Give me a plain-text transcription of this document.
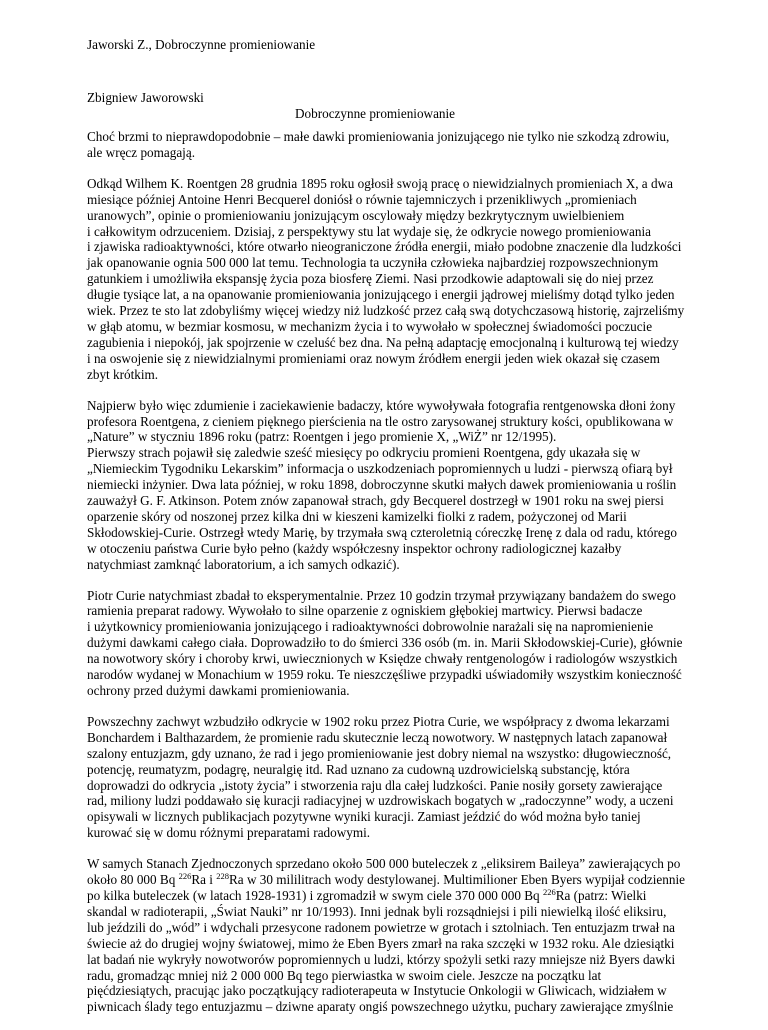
Jaworski Z., Dobroczynne promieniowanie
Zbigniew Jaworowski
Dobroczynne promieniowanie

Choć brzmi to nieprawdopodobnie – małe dawki promieniowania jonizującego nie tylko nie szkodzą zdrowiu,
ale wręcz pomagają.

Odkąd Wilhem K. Roentgen 28 grudnia 1895 roku ogłosił swoją pracę o niewidzialnych promieniach X, a dwa
miesiące później Antoine Henri Becquerel doniósł o równie tajemniczych i przenikliwych „promieniach
uranowych”, opinie o promieniowaniu jonizującym oscylowały między bezkrytycznym uwielbieniem
i całkowitym odrzuceniem. Dzisiaj, z perspektywy stu lat wydaje się, że odkrycie nowego promieniowania
i zjawiska radioaktywności, które otwarło nieograniczone źródła energii, miało podobne znaczenie dla ludzkości
jak opanowanie ognia 500 000 lat temu. Technologia ta uczyniła człowieka najbardziej rozpowszechnionym
gatunkiem i umożliwiła ekspansję życia poza biosferę Ziemi. Nasi przodkowie adaptowali się do niej przez
długie tysiące lat, a na opanowanie promieniowania jonizującego i energii jądrowej mieliśmy dotąd tylko jeden
wiek. Przez te sto lat zdobyliśmy więcej wiedzy niż ludzkość przez całą swą dotychczasową historię, zajrzeliśmy
w głąb atomu, w bezmiar kosmosu, w mechanizm życia i to wywołało w społecznej świadomości poczucie
zagubienia i niepokój, jak spojrzenie w czeluść bez dna. Na pełną adaptację emocjonalną i kulturową tej wiedzy
i na oswojenie się z niewidzialnymi promieniami oraz nowym źródłem energii jeden wiek okazał się czasem
zbyt krótkim.

Najpierw było więc zdumienie i zaciekawienie badaczy, które wywoływała fotografia rentgenowska dłoni żony
profesora Roentgena, z cieniem pięknego pierścienia na tle ostro zarysowanej struktury kości, opublikowana w
„Nature” w styczniu 1896 roku (patrz: Roentgen i jego promienie X, „WiŻ” nr 12/1995).
Pierwszy strach pojawił się zaledwie sześć miesięcy po odkryciu promieni Roentgena, gdy ukazała się w
„Niemieckim Tygodniku Lekarskim” informacja o uszkodzeniach popromiennych u ludzi - pierwszą ofiarą był
niemiecki inżynier. Dwa lata później, w roku 1898, dobroczynne skutki małych dawek promieniowania u roślin
zauważył G. F. Atkinson. Potem znów zapanował strach, gdy Becquerel dostrzegł w 1901 roku na swej piersi
oparzenie skóry od noszonej przez kilka dni w kieszeni kamizelki fiolki z radem, pożyczonej od Marii
Skłodowskiej-Curie. Ostrzegł wtedy Marię, by trzymała swą czteroletnią córeczkę Irenę z dala od radu, którego
w otoczeniu państwa Curie było pełno (każdy współczesny inspektor ochrony radiologicznej kazałby
natychmiast zamknąć laboratorium, a ich samych odkazić).

Piotr Curie natychmiast zbadał to eksperymentalnie. Przez 10 godzin trzymał przywiązany bandażem do swego
ramienia preparat radowy. Wywołało to silne oparzenie z ogniskiem głębokiej martwicy. Pierwsi badacze
i użytkownicy promieniowania jonizującego i radioaktywności dobrowolnie narażali się na napromienienie
dużymi dawkami całego ciała. Doprowadziło to do śmierci 336 osób (m. in. Marii Skłodowskiej-Curie), głównie
na nowotwory skóry i choroby krwi, uwiecznionych w Księdze chwały rentgenologów i radiologów wszystkich
narodów wydanej w Monachium w 1959 roku. Te nieszczęśliwe przypadki uświadomiły wszystkim konieczność
ochrony przed dużymi dawkami promieniowania.

Powszechny zachwyt wzbudziło odkrycie w 1902 roku przez Piotra Curie, we współpracy z dwoma lekarzami
Bonchardem i Balthazardem, że promienie radu skutecznie leczą nowotwory. W następnych latach zapanował
szalony entuzjazm, gdy uznano, że rad i jego promieniowanie jest dobry niemal na wszystko: długowieczność,
potencję, reumatyzm, podagrę, neuralgię itd. Rad uznano za cudowną uzdrowicielską substancję, która
doprowadzi do odkrycia „istoty życia” i stworzenia raju dla całej ludzkości. Panie nosiły gorsety zawierające
rad, miliony ludzi poddawało się kuracji radiacyjnej w uzdrowiskach bogatych w „radoczynne” wody, a uczeni
opisywali w licznych publikacjach pozytywne wyniki kuracji. Zamiast jeździć do wód można było taniej
kurować się w domu różnymi preparatami radowymi.

W samych Stanach Zjednoczonych sprzedano około 500 000 buteleczek z „eliksirem Baileya” zawierających po
około 80 000 Bq $^{226}$Ra i $^{228}$Ra w 30 mililitrach wody destylowanej. Multimilioner Eben Byers wypijał codziennie
po kilka buteleczek (w latach 1928-1931) i zgromadził w swym ciele 370 000 000 Bq $^{226}$Ra (patrz: Wielki
skandal w radioterapii, „Świat Nauki” nr 10/1993). Inni jednak byli rozsądniejsi i pili niewielką ilość eliksiru,
lub jeździli do „wód” i wdychali przesycone radonem powietrze w grotach i sztolniach. Ten entuzjazm trwał na
świecie aż do drugiej wojny światowej, mimo że Eben Byers zmarł na raka szczęki w 1932 roku. Ale dziesiątki
lat badań nie wykryły nowotworów popromiennych u ludzi, którzy spożyli setki razy mniejsze niż Byers dawki
radu, gromadząc mniej niż 2 000 000 Bq tego pierwiastka w swoim ciele. Jeszcze na początku lat
pięćdziesiątych, pracując jako początkujący radioterapeuta w Instytucie Onkologii w Gliwicach, widziałem w
piwnicach ślady tego entuzjazmu – dziwne aparaty ongiś powszechnego użytku, puchary zawierające zmyślnie
